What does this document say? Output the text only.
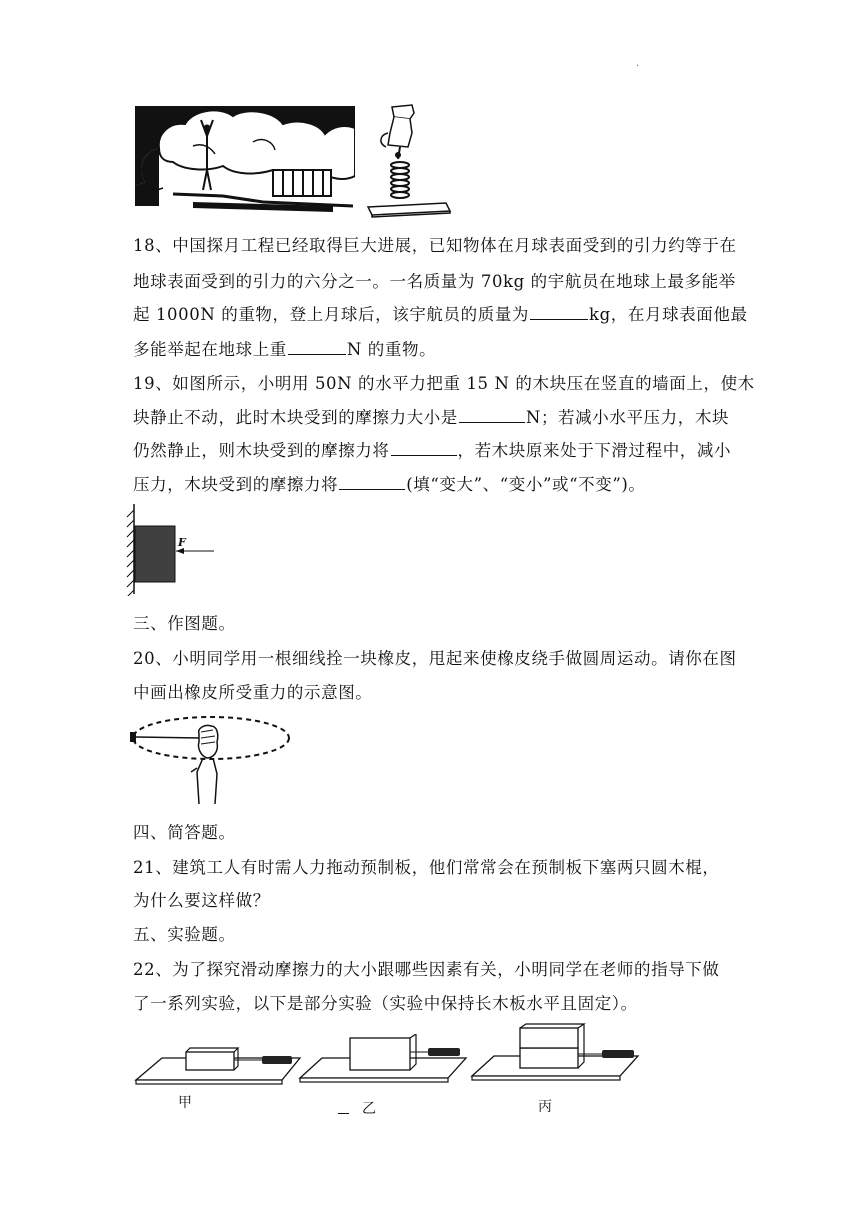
.
18、中国探月工程已经取得巨大进展，已知物体在月球表面受到的引力约等于在
地球表面受到的引力的六分之一。一名质量为 70kg 的宇航员在地球上最多能举
起 1000N 的重物，登上月球后，该宇航员的质量为	kg，在月球表面他最
多能举起在地球上重	N 的重物。
19、如图所示，小明用 50N 的水平力把重 15 N 的木块压在竖直的墙面上，使木
块静止不动，此时木块受到的摩擦力大小是	N；若减小水平压力，木块
仍然静止，则木块受到的摩擦力将	，若木块原来处于下滑过程中，减小
压力，木块受到的摩擦力将	(填“变大”、“变小”或“不变”)。
F
三、作图题。
20、小明同学用一根细线拴一块橡皮，甩起来使橡皮绕手做圆周运动。请你在图
中画出橡皮所受重力的示意图。
四、简答题。
21、建筑工人有时需人力拖动预制板，他们常常会在预制板下塞两只圆木棍，
为什么要这样做？
五、实验题。
22、为了探究滑动摩擦力的大小跟哪些因素有关，小明同学在老师的指导下做
了一系列实验，以下是部分实验（实验中保持长木板水平且固定）。
甲	乙	丙
